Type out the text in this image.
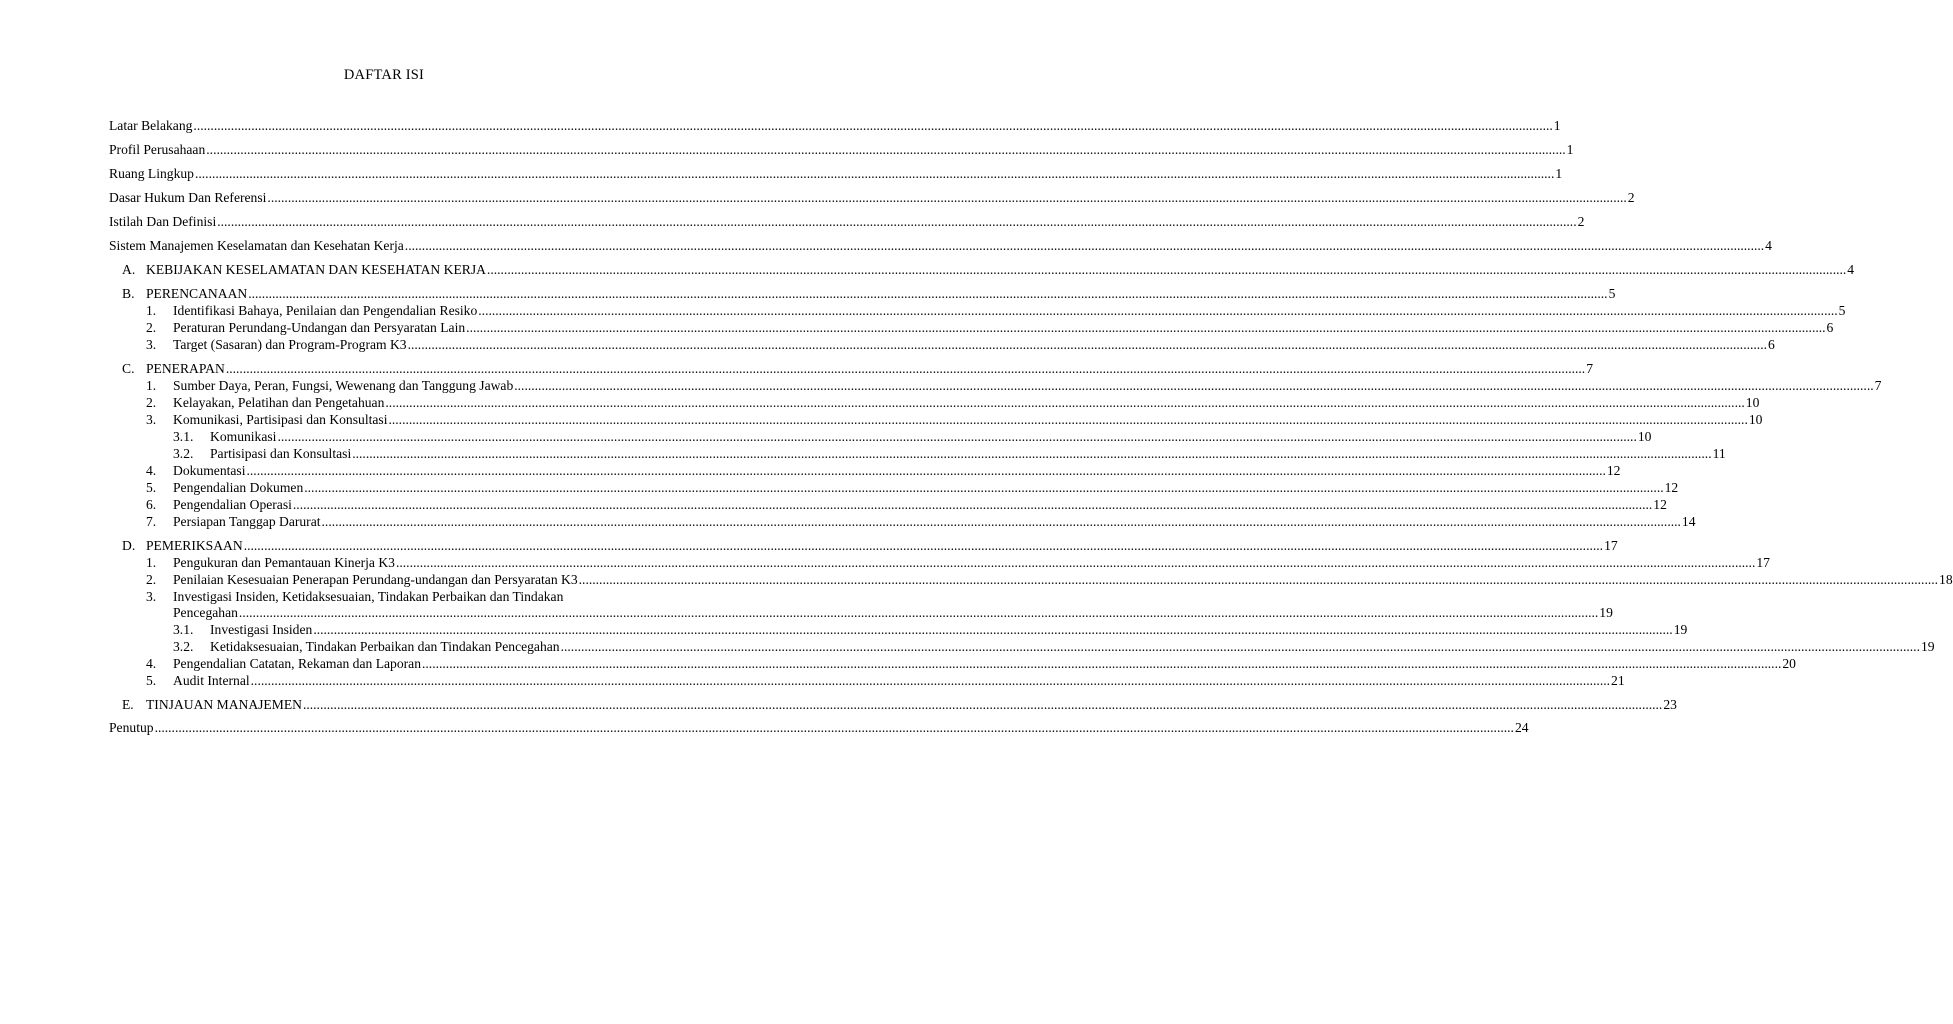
DAFTAR ISI
Latar Belakang ................................................................................................................................................................................................................................................................................................................................................................................................................ 1
Profil Perusahaan ................................................................................................................................................................................................................................................................................................................................................................................................................ 1
Ruang Lingkup ................................................................................................................................................................................................................................................................................................................................................................................................................ 1
Dasar Hukum Dan Referensi ................................................................................................................................................................................................................................................................................................................................................................................................................ 2
Istilah Dan Definisi ................................................................................................................................................................................................................................................................................................................................................................................................................ 2
Sistem Manajemen Keselamatan dan Kesehatan Kerja ................................................................................................................................................................................................................................................................................................................................................................................................................ 4
A. KEBIJAKAN KESELAMATAN DAN KESEHATAN KERJA ................................................................................................................................................................................................................................................................................................................................................................................................................ 4
B. PERENCANAAN ................................................................................................................................................................................................................................................................................................................................................................................................................ 5
1.	Identifikasi Bahaya, Penilaian dan Pengendalian Resiko ................................................................................................................................................................................................................................................................................................................................................................................................................ 5
2.	Peraturan Perundang-Undangan dan Persyaratan Lain ................................................................................................................................................................................................................................................................................................................................................................................................................ 6
3.	Target (Sasaran) dan Program-Program K3 ................................................................................................................................................................................................................................................................................................................................................................................................................ 6
C. PENERAPAN ................................................................................................................................................................................................................................................................................................................................................................................................................ 7
1.	Sumber Daya, Peran, Fungsi, Wewenang dan Tanggung Jawab ................................................................................................................................................................................................................................................................................................................................................................................................................ 7
2.	Kelayakan, Pelatihan dan Pengetahuan ................................................................................................................................................................................................................................................................................................................................................................................................................ 10
3.	Komunikasi, Partisipasi dan Konsultasi ................................................................................................................................................................................................................................................................................................................................................................................................................ 10
3.1.	Komunikasi ................................................................................................................................................................................................................................................................................................................................................................................................................ 10
3.2.	Partisipasi dan Konsultasi ................................................................................................................................................................................................................................................................................................................................................................................................................ 11
4.	Dokumentasi ................................................................................................................................................................................................................................................................................................................................................................................................................ 12
5.	Pengendalian Dokumen ................................................................................................................................................................................................................................................................................................................................................................................................................ 12
6.	Pengendalian Operasi ................................................................................................................................................................................................................................................................................................................................................................................................................ 12
7.	Persiapan Tanggap Darurat ................................................................................................................................................................................................................................................................................................................................................................................................................ 14
D. PEMERIKSAAN ................................................................................................................................................................................................................................................................................................................................................................................................................ 17
1.	Pengukuran dan Pemantauan Kinerja K3 ................................................................................................................................................................................................................................................................................................................................................................................................................ 17
2.	Penilaian Kesesuaian Penerapan Perundang-undangan dan Persyaratan K3 ................................................................................................................................................................................................................................................................................................................................................................................................................ 18
3.	Investigasi Insiden, Ketidaksesuaian, Tindakan Perbaikan dan Tindakan
Pencegahan ................................................................................................................................................................................................................................................................................................................................................................................................................ 19
3.1.	Investigasi Insiden ................................................................................................................................................................................................................................................................................................................................................................................................................ 19
3.2.	Ketidaksesuaian, Tindakan Perbaikan dan Tindakan Pencegahan ................................................................................................................................................................................................................................................................................................................................................................................................................ 19
4.	Pengendalian Catatan, Rekaman dan Laporan ................................................................................................................................................................................................................................................................................................................................................................................................................ 20
5.	Audit Internal ................................................................................................................................................................................................................................................................................................................................................................................................................ 21
E. TINJAUAN MANAJEMEN ................................................................................................................................................................................................................................................................................................................................................................................................................ 23
Penutup ................................................................................................................................................................................................................................................................................................................................................................................................................ 24
